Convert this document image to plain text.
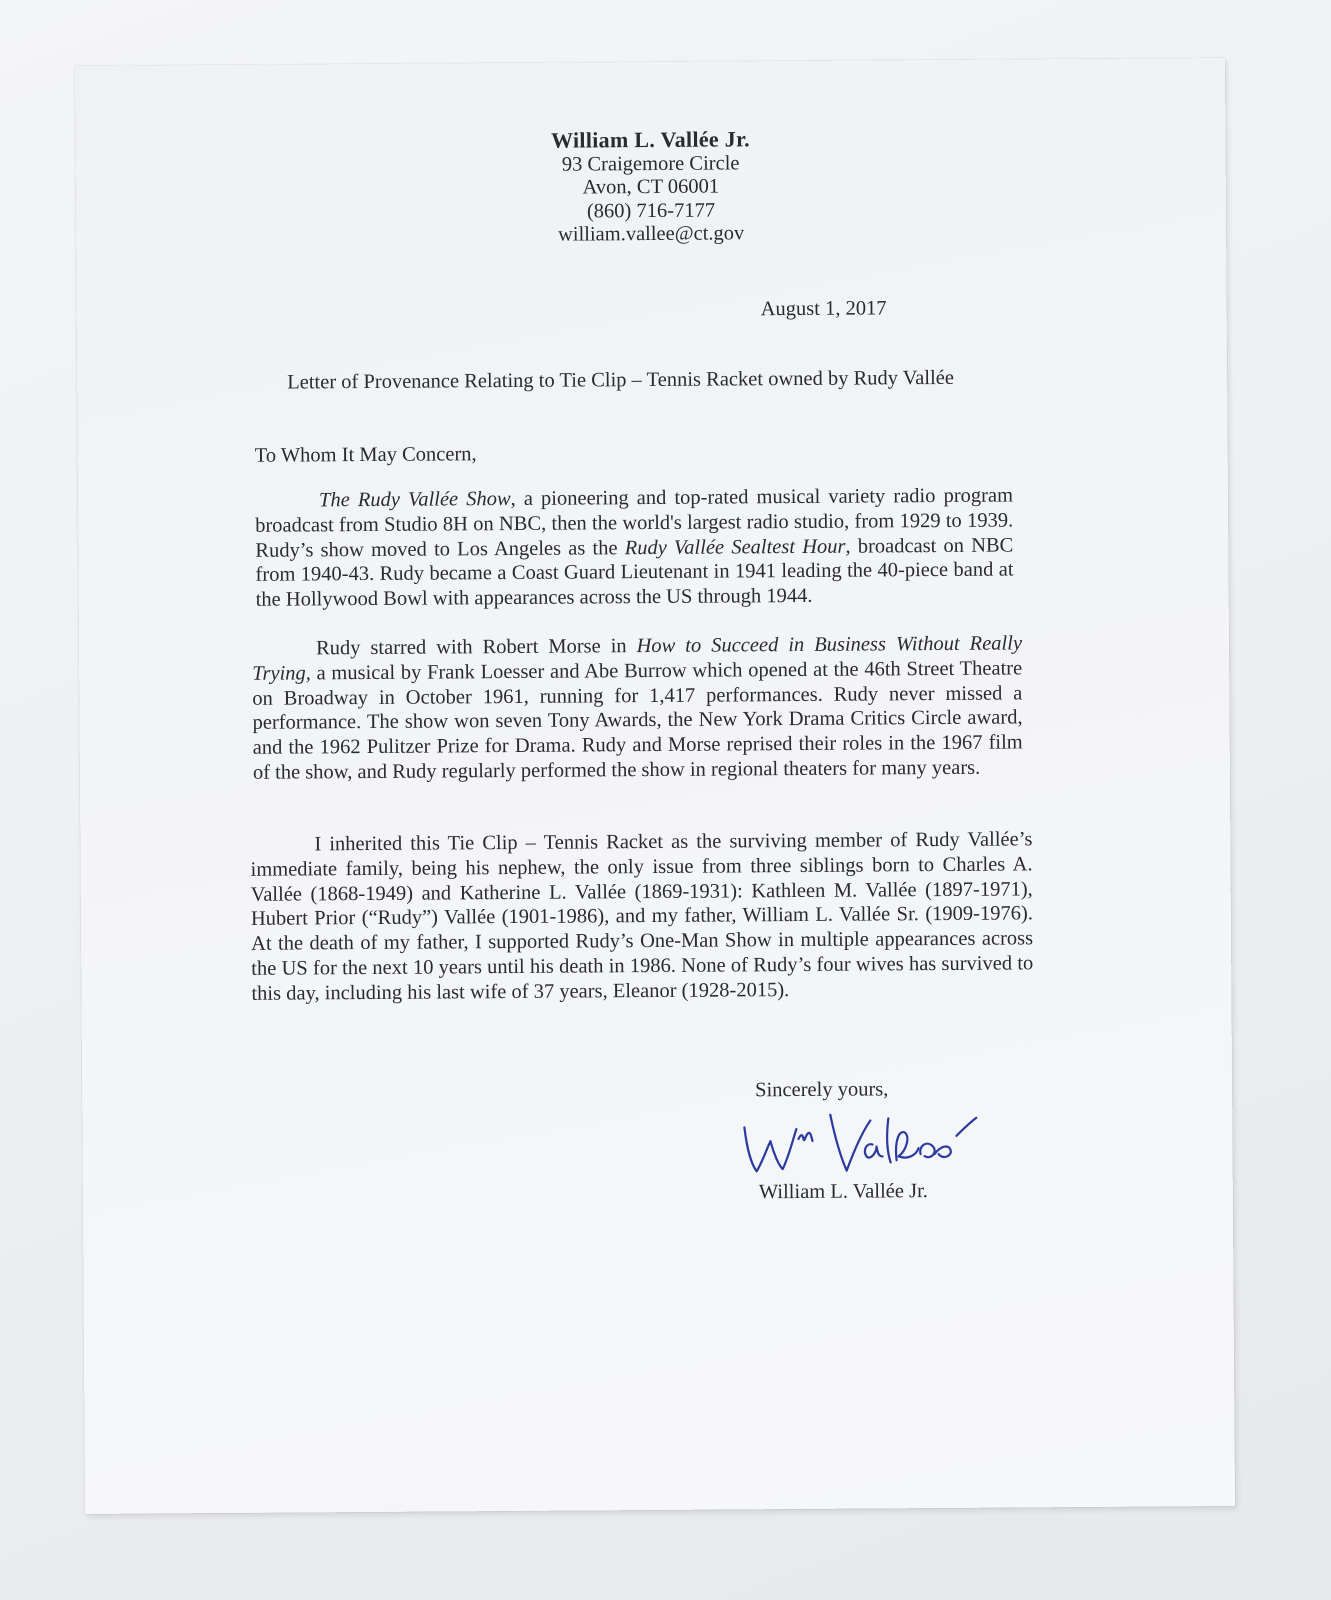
William L. Vallée Jr.
93 Craigemore Circle
Avon, CT 06001
(860) 716-7177
william.vallee@ct.gov
August 1, 2017
Letter of Provenance Relating to Tie Clip – Tennis Racket owned by Rudy Vallée
To Whom It May Concern,

The Rudy Vallée Show, a pioneering and top-rated musical variety radio program broadcast from Studio 8H on NBC, then the world's largest radio studio, from 1929 to 1939. Rudy’s show moved to Los Angeles as the Rudy Vallée Sealtest Hour, broadcast on NBC from 1940-43. Rudy became a Coast Guard Lieutenant in 1941 leading the 40-piece band at the Hollywood Bowl with appearances across the US through 1944.

Rudy starred with Robert Morse in How to Succeed in Business Without Really Trying, a musical by Frank Loesser and Abe Burrow which opened at the 46th Street Theatre on Broadway in October 1961, running for 1,417 performances. Rudy never missed a performance. The show won seven Tony Awards, the New York Drama Critics Circle award, and the 1962 Pulitzer Prize for Drama. Rudy and Morse reprised their roles in the 1967 film of the show, and Rudy regularly performed the show in regional theaters for many years.

I inherited this Tie Clip – Tennis Racket as the surviving member of Rudy Vallée’s immediate family, being his nephew, the only issue from three siblings born to Charles A. Vallée (1868-1949) and Katherine L. Vallée (1869-1931): Kathleen M. Vallée (1897-1971), Hubert Prior (“Rudy”) Vallée (1901-1986), and my father, William L. Vallée Sr. (1909-1976). At the death of my father, I supported Rudy’s One-Man Show in multiple appearances across the US for the next 10 years until his death in 1986. None of Rudy’s four wives has survived to this day, including his last wife of 37 years, Eleanor (1928-2015).

Sincerely yours,
William L. Vallée Jr.
